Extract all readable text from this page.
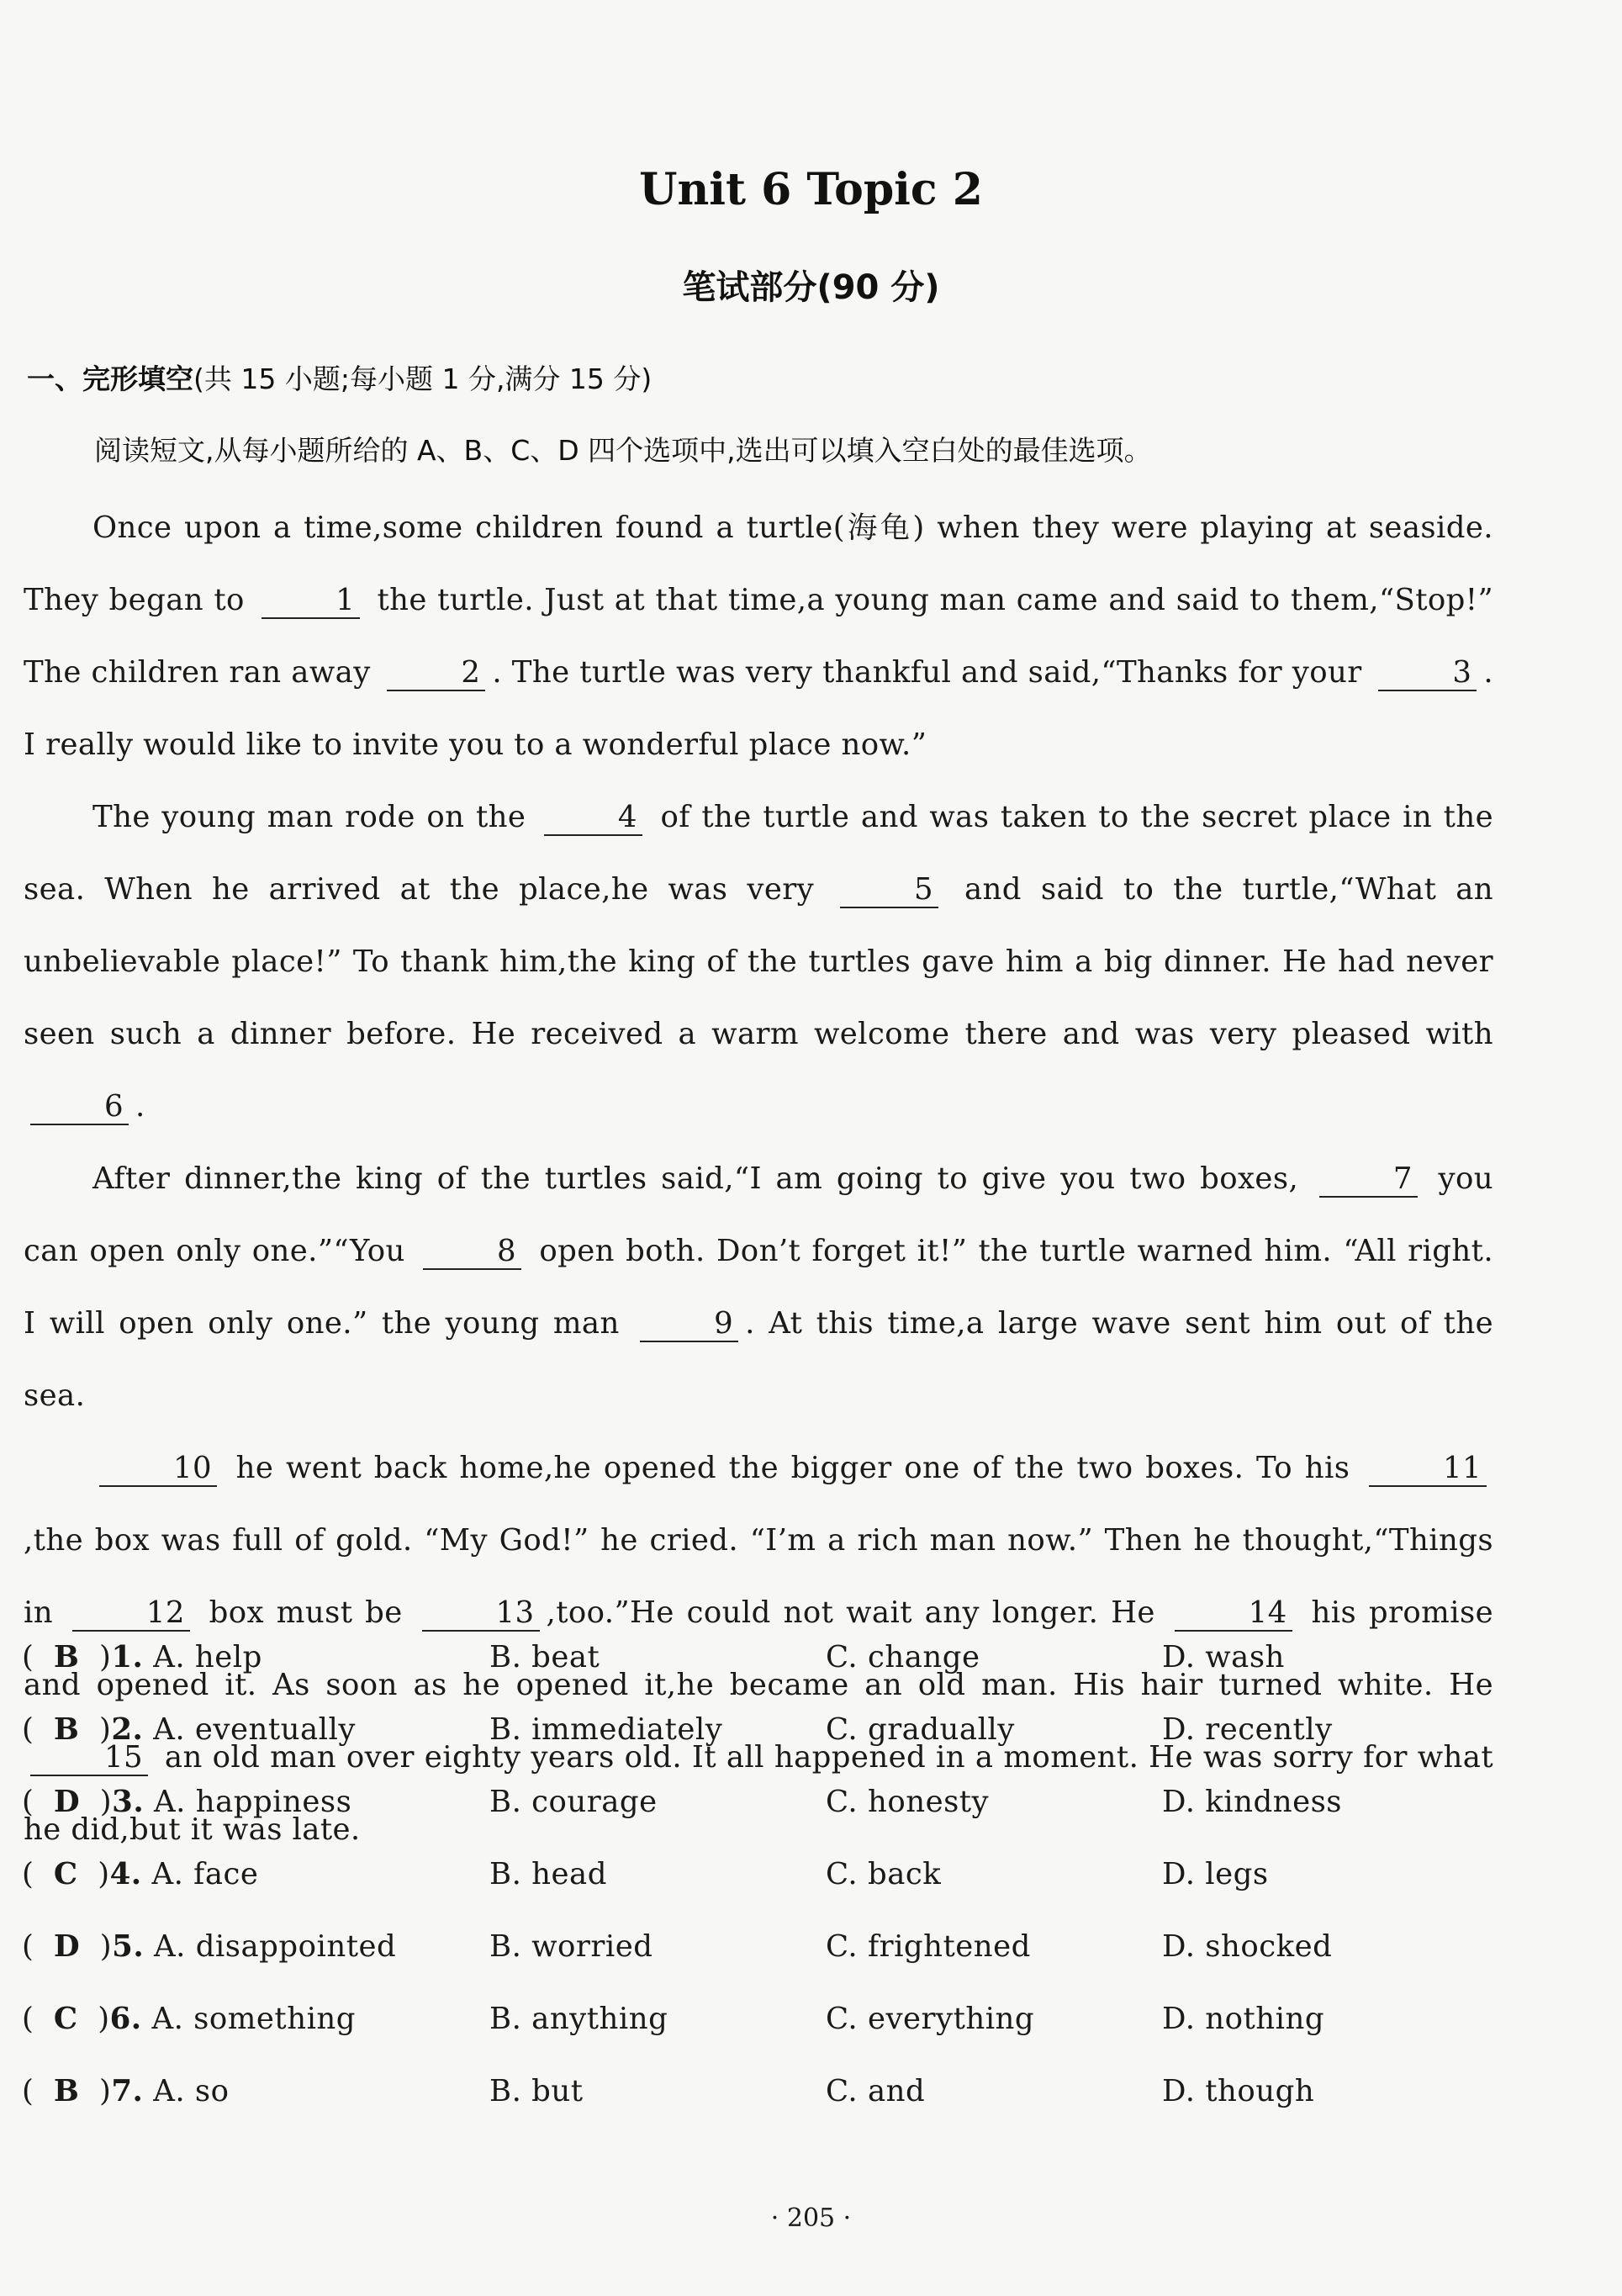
Unit 6 Topic 2
笔试部分(90 分)
一、完形填空(共 15 小题;每小题 1 分,满分 15 分)
阅读短文,从每小题所给的 A、B、C、D 四个选项中,选出可以填入空白处的最佳选项。

Once upon a time,some children found a turtle(海龟) when they were playing at seaside. They began to	1 the turtle. Just at that time,a young man came and said to them,“Stop!” The children ran away	2 . The turtle was very thankful and said,“Thanks for your	3 . I really would like to invite you to a wonderful place now.”

The young man rode on the	4 of the turtle and was taken to the secret place in the sea. When he arrived at the place,he was very	5 and said to the turtle,“What an unbelievable place!” To thank him,the king of the turtles gave him a big dinner. He had never seen such a dinner before. He received a warm welcome there and was very pleased with 6 .

After dinner,the king of the turtles said,“I am going to give you two boxes,	7 you can open only one.”“You	8 open both. Don’t forget it!” the turtle warned him. “All right. I will open only one.” the young man	9 . At this time,a large wave sent him out of the sea.

10 he went back home,he opened the bigger one of the two boxes. To his	11,the box was full of gold. “My God!” he cried. “I’m a rich man now.” Then he thought,“Things in	12 box must be	13 ,too.”He could not wait any longer. He	14 his promise and opened it. As soon as he opened it,he became an old man. His hair turned white. He 15 an old man over eighty years old. It all happened in a moment. He was sorry for what he did,but it was late.

(  B  )1. A. help	B. beat	C. change	D. wash
(  B  )2. A. eventually	B. immediately	C. gradually	D. recently
(  D  )3. A. happiness	B. courage	C. honesty	D. kindness
(  C  )4. A. face	B. head	C. back	D. legs
(  D  )5. A. disappointed	B. worried	C. frightened	D. shocked
(  C  )6. A. something	B. anything	C. everything	D. nothing
(  B  )7. A. so	B. but	C. and	D. though
· 205 ·
